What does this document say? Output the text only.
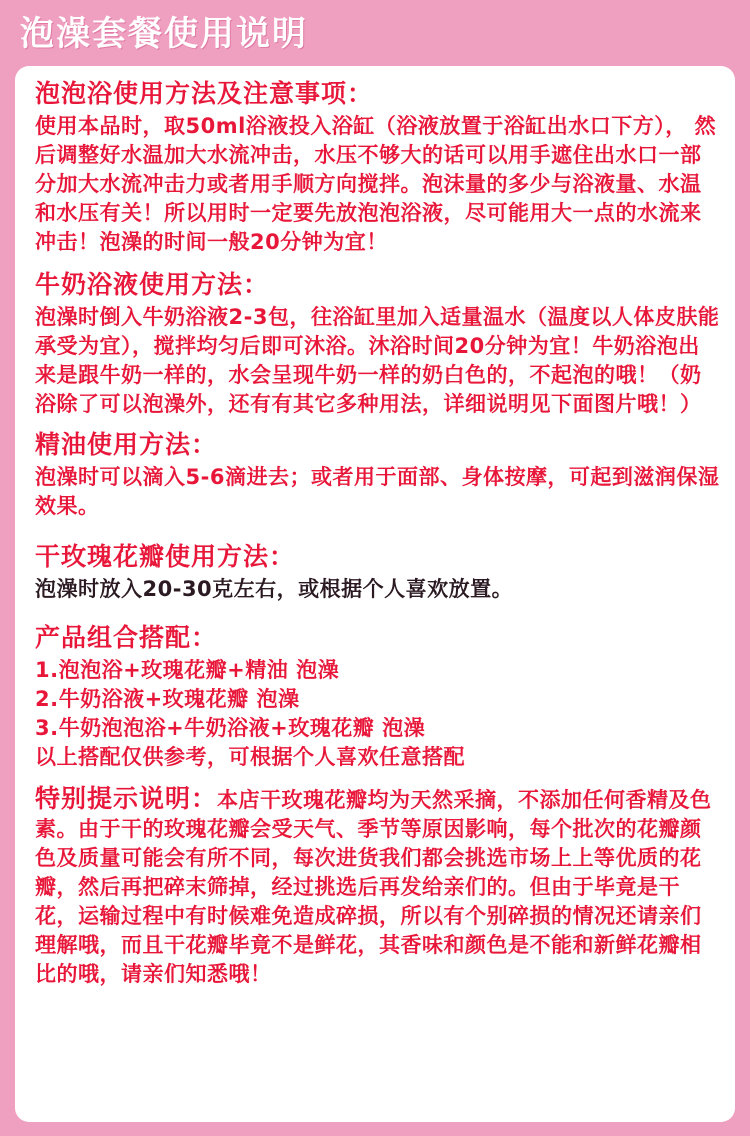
泡澡套餐使用说明

泡泡浴使用方法及注意事项：

使用本品时，取50ml浴液投入浴缸（浴液放置于浴缸出水口下方）， 然后调整好水温加大水流冲击，水压不够大的话可以用手遮住出水口一部分加大水流冲击力或者用手顺方向搅拌。泡沫量的多少与浴液量、水温和水压有关！所以用时一定要先放泡泡浴液，尽可能用大一点的水流来冲击！泡澡的时间一般20分钟为宜！

牛奶浴液使用方法：

泡澡时倒入牛奶浴液2-3包，往浴缸里加入适量温水（温度以人体皮肤能承受为宜），搅拌均匀后即可沐浴。沐浴时间20分钟为宜！牛奶浴泡出来是跟牛奶一样的，水会呈现牛奶一样的奶白色的，不起泡的哦！（奶浴除了可以泡澡外，还有有其它多种用法，详细说明见下面图片哦！）

精油使用方法：

泡澡时可以滴入5-6滴进去；或者用于面部、身体按摩，可起到滋润保湿效果。

干玫瑰花瓣使用方法：

泡澡时放入20-30克左右，或根据个人喜欢放置。

产品组合搭配：

1.泡泡浴+玫瑰花瓣+精油 泡澡
2.牛奶浴液+玫瑰花瓣 泡澡
3.牛奶泡泡浴+牛奶浴液+玫瑰花瓣 泡澡
以上搭配仅供参考，可根据个人喜欢任意搭配

特别提示说明：本店干玫瑰花瓣均为天然采摘，不添加任何香精及色素。由于干的玫瑰花瓣会受天气、季节等原因影响，每个批次的花瓣颜色及质量可能会有所不同，每次进货我们都会挑选市场上上等优质的花瓣，然后再把碎末筛掉，经过挑选后再发给亲们的。但由于毕竟是干花，运输过程中有时候难免造成碎损，所以有个别碎损的情况还请亲们理解哦，而且干花瓣毕竟不是鲜花，其香味和颜色是不能和新鲜花瓣相比的哦，请亲们知悉哦！
